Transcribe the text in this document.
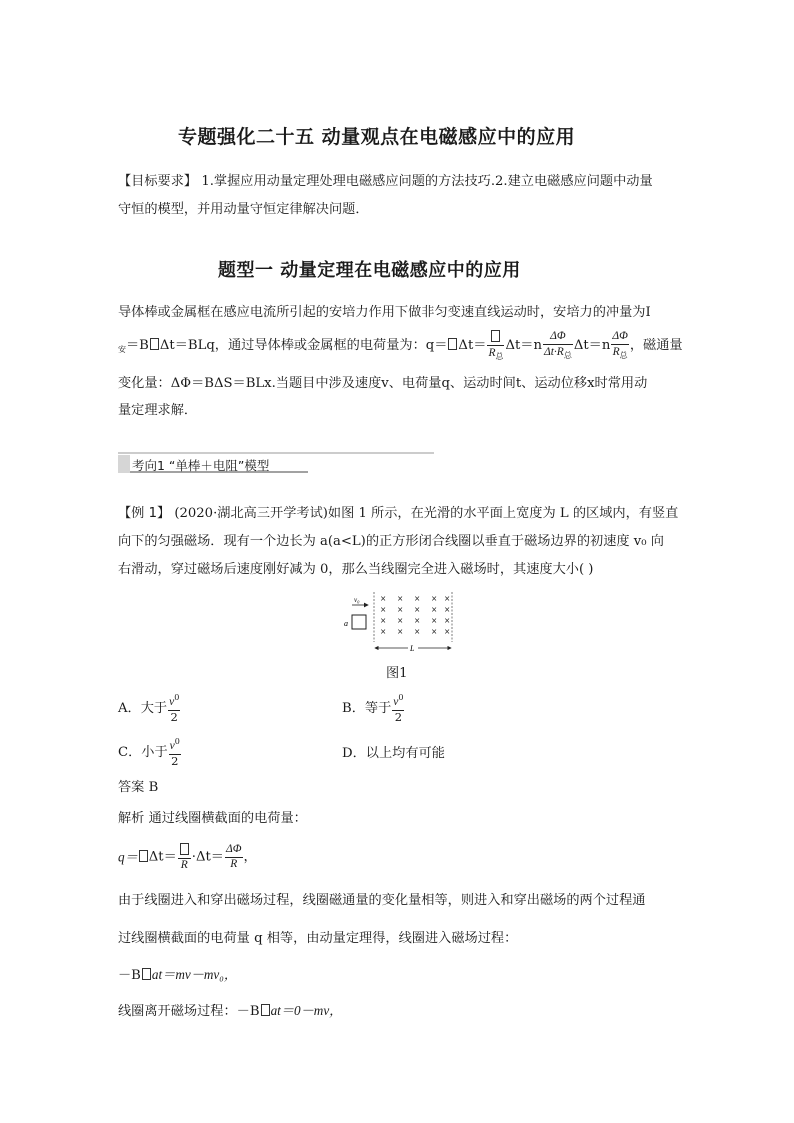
专题强化二十五 动量观点在电磁感应中的应用
【目标要求】 1.掌握应用动量定理处理电磁感应问题的方法技巧.2.建立电磁感应问题中动量
守恒的模型，并用动量守恒定律解决问题．
题型一 动量定理在电磁感应中的应用
导体棒或金属框在感应电流所引起的安培力作用下做非匀变速直线运动时，安培力的冲量为I
$_安$＝B Δt＝BLq，通过导体棒或金属框的电荷量为：$q= \Delta t= R_总$
$\Delta t=n \frac{\Delta\Phi}{\Delta t\cdot R_总} \Delta t=n \frac{\Delta\Phi}{R_总}$ ，磁通量
变化量：ΔΦ＝BΔS＝BLx.当题目中涉及速度v、电荷量q、运动时间t、运动位移x时常用动
量定理求解．
考向1 “单棒＋电阻”模型
【例 1】 (2020·湖北高三开学考试)如图 1 所示，在光滑的水平面上宽度为 L 的区域内，有竖直
向下的匀强磁场．现有一个边长为 a(a<L)的正方形闭合线圈以垂直于磁场边界的初速度 v₀ 向
右滑动，穿过磁场后速度刚好减为 0，那么当线圈完全进入磁场时，其速度大小( )
v₀
a
× × × × ×
× × × × ×
× × × × ×
× × × × ×
L
图1
A．大于 $\frac{v^0}{2}$	B．等于 $\frac{v^0}{2}$
C．小于 $\frac{v^0}{2}$	D．以上均有可能
答案 B
解析 通过线圈横截面的电荷量：
q＝ Δt＝
R
$\cdot\Delta t= \frac{\Delta\Phi}{R}$ ，
由于线圈进入和穿出磁场过程，线圈磁通量的变化量相等，则进入和穿出磁场的两个过程通
过线圈横截面的电荷量 q 相等，由动量定理得，线圈进入磁场过程：
－B at＝mv－mv₀，
线圈离开磁场过程：－B at＝0－mv，
